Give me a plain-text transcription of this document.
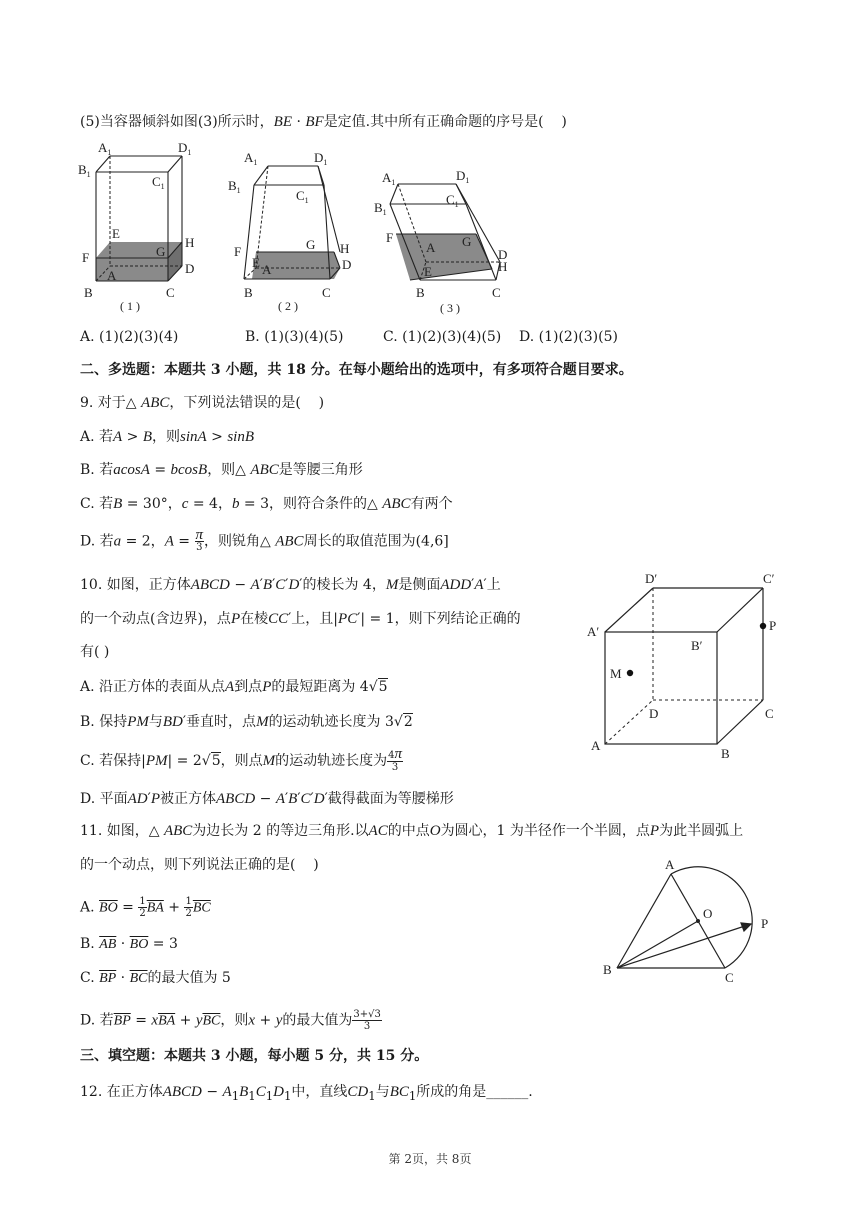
(5)当容器倾斜如图(3)所示时，BE · BF是定值.其中所有正确命题的序号是(    )
$A_1$	$D_1$
$B_1$	$C_1$
E
F	G
H
A	D
B	C
( 1 )
$A_1$	$D_1$
$B_1$	$C_1$
F	G H
E A	D
B	C
( 2 )
$A_1$	$D_1$
$B_1$
$C_1$
F
A G
D
H
E
B	C
( 3 )
A. (1)(2)(3)(4)	B. (1)(3)(4)(5)	C. (1)(2)(3)(4)(5) D. (1)(2)(3)(5)
二、多选题：本题共 3 小题，共 18 分。在每小题给出的选项中，有多项符合题目要求。
9. 对于△ ABC，下列说法错误的是(    )
A. 若A > B，则sinA > sinB
B. 若acosA = bcosB，则△ ABC是等腰三角形
C. 若B = 30°，c = 4，b = 3，则符合条件的△ ABC有两个
D. 若a = 2，$A = \frac{\pi}{3}$ ，则锐角△ ABC周长的取值范围为(4,6]
10. 如图，正方体ABCD − A′B′C′D′的棱长为 4，M是侧面ADD′A′上
的一个动点(含边界)，点P在棱CC′上，且|PC′| = 1，则下列结论正确的
有( )
A. 沿正方体的表面从点A到点P的最短距离为 4√5
B. 保持PM与BD′垂直时，点M的运动轨迹长度为 3√2
C. 若保持|PM| = 2√5，则点M的运动轨迹长度为 $\frac{4\pi}{3}$
D. 平面AD′P被正方体ABCD − A′B′C′D′截得截面为等腰梯形
D′	C′
A′
B′
P
M
D	C
A
B
11. 如图，△ ABC为边长为 2 的等边三角形.以AC的中点O为圆心，1 为半径作一个半圆，点P为此半圆弧上
的一个动点，则下列说法正确的是(    )
A. $\overline{BO} = \frac{1}{2} \overline{BA} + \frac{1}{2} \overline{BC}$
B. $\overline{AB} \cdot \overline{BO} = 3$
C. $\overline{BP} \cdot \overline{BC}$的最大值为 5
D. 若$\overline{BP} = x\overline{BA} + y\overline{BC}$，则x + y的最大值为 $\frac{3+√3}{3}$
A
O
P
B
C
三、填空题：本题共 3 小题，每小题 5 分，共 15 分。
12. 在正方体ABCD − $A_1B_1C_1D_1$中，直线$CD_1$与$BC_1$所成的角是______.
第 2页，共 8页
